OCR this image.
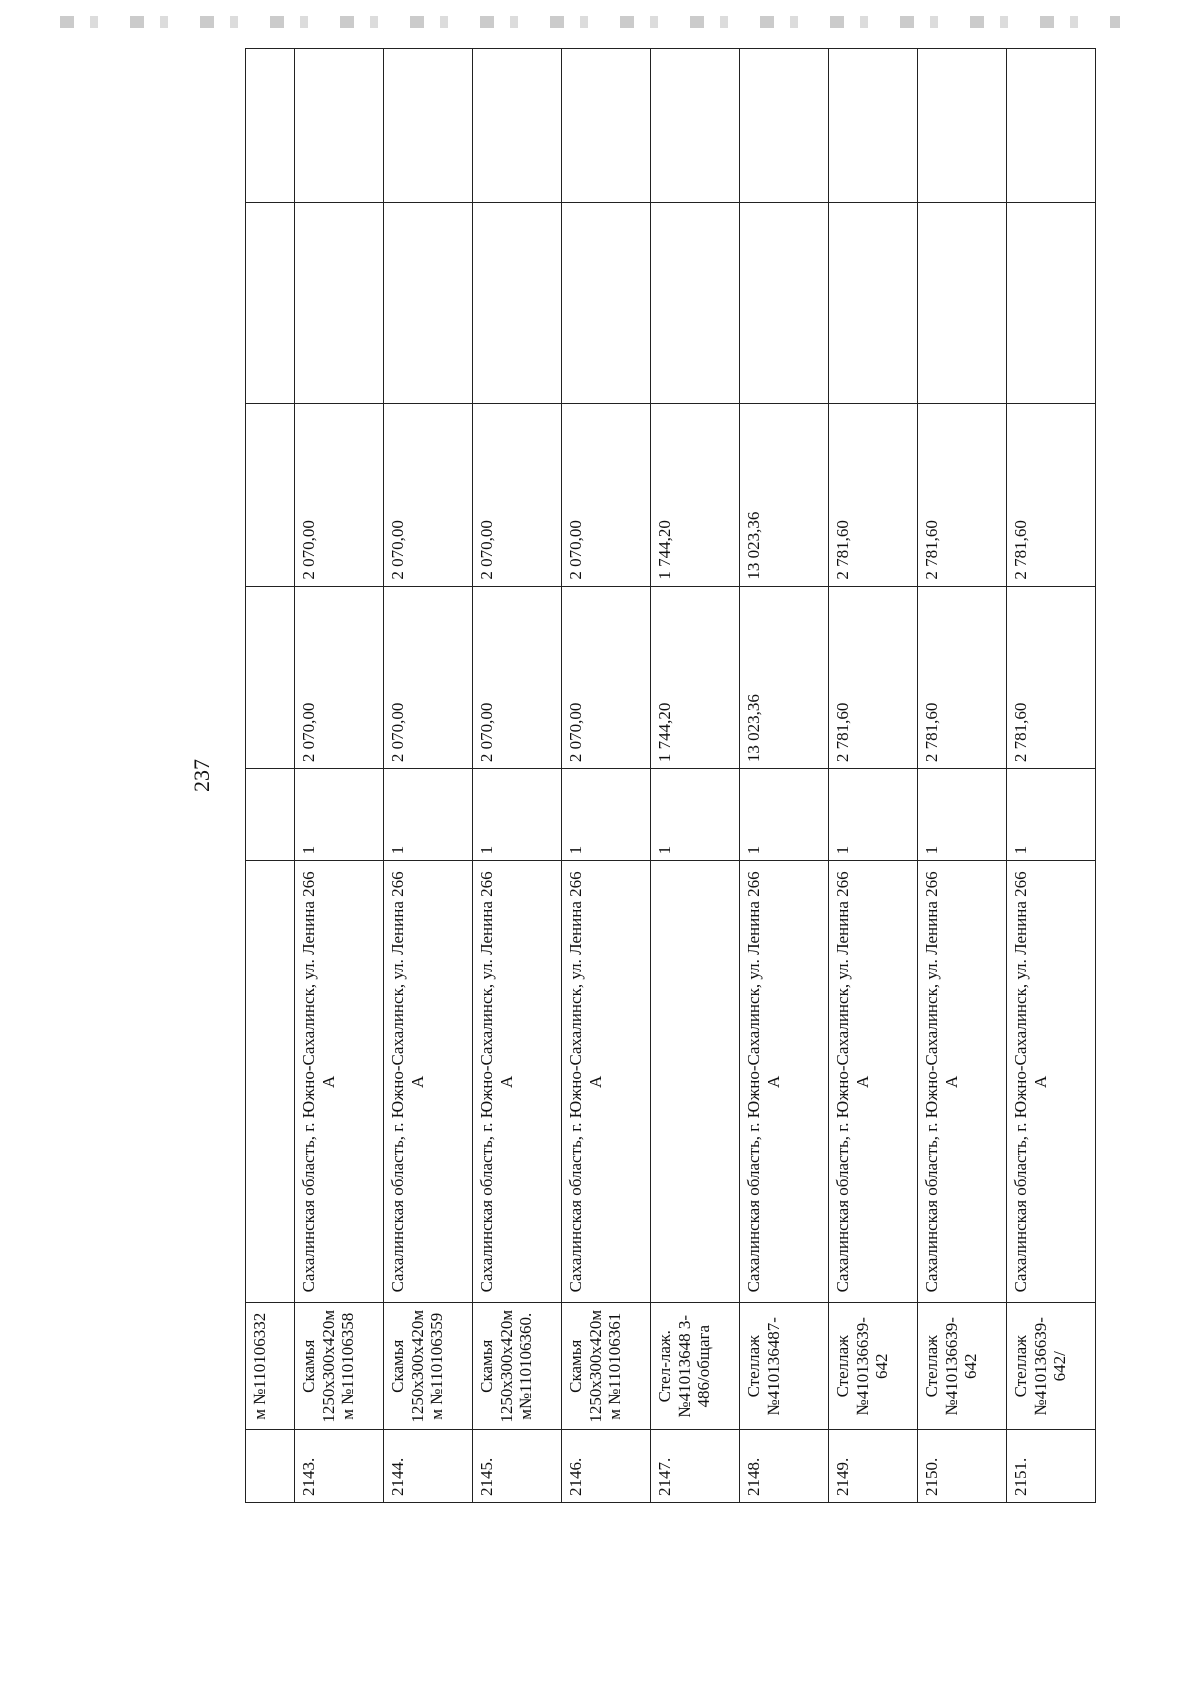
237
	м №110106332						
2143.	Скамья 1250х300х420м м №110106358	Сахалинская область, г. Южно-Сахалинск, ул. Ленина 266 А	1	2 070,00	2 070,00		
2144.	Скамья 1250х300х420м м №110106359	Сахалинская область, г. Южно-Сахалинск, ул. Ленина 266 А	1	2 070,00	2 070,00		
2145.	Скамья 1250х300х420м м№110106360.	Сахалинская область, г. Южно-Сахалинск, ул. Ленина 266 А	1	2 070,00	2 070,00		
2146.	Скамья 1250х300х420м м №110106361	Сахалинская область, г. Южно-Сахалинск, ул. Ленина 266 А	1	2 070,00	2 070,00		
2147.	Стел-лаж.№41013648 3-486/общага		1	1 744,20	1 744,20		
2148.	Стеллаж №410136487-	Сахалинская область, г. Южно-Сахалинск, ул. Ленина 266 А	1	13 023,36	13 023,36		
2149.	Стеллаж №410136639-642	Сахалинская область, г. Южно-Сахалинск, ул. Ленина 266 А	1	2 781,60	2 781,60		
2150.	Стеллаж №410136639-642	Сахалинская область, г. Южно-Сахалинск, ул. Ленина 266 А	1	2 781,60	2 781,60		
2151.	Стеллаж №410136639-642/	Сахалинская область, г. Южно-Сахалинск, ул. Ленина 266 А	1	2 781,60	2 781,60		
